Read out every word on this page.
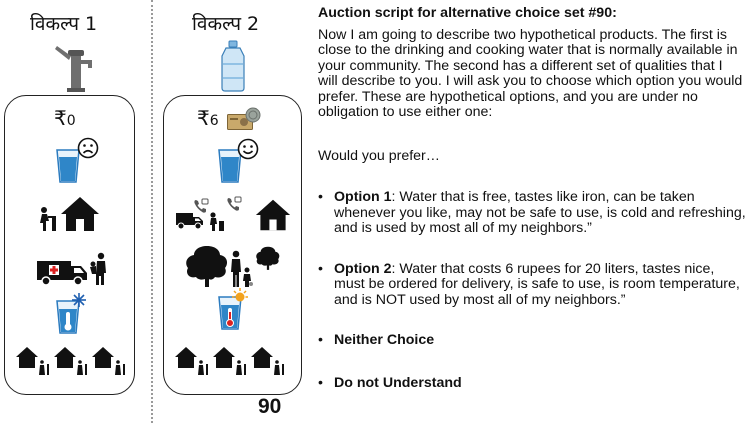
विकल्प 1
₹0
विकल्प 2
₹6
90
Auction script for alternative choice set #90:

Now I am going to describe two hypothetical products. The first is close to the drinking and cooking water that is normally available in your community. The second has a different set of qualities that I will describe to you. I will ask you to choose which option you would prefer. These are hypothetical options, and you are under no obligation to use either one:

Would you prefer…

• Option 1: Water that is free, tastes like iron, can be taken whenever you like, may not be safe to use, is cold and refreshing, and is used by most all of my neighbors.”
• Option 2: Water that costs 6 rupees for 20 liters, tastes nice, must be ordered for delivery, is safe to use, is room temperature, and is NOT used by most all of my neighbors.”
• Neither Choice
• Do not Understand
